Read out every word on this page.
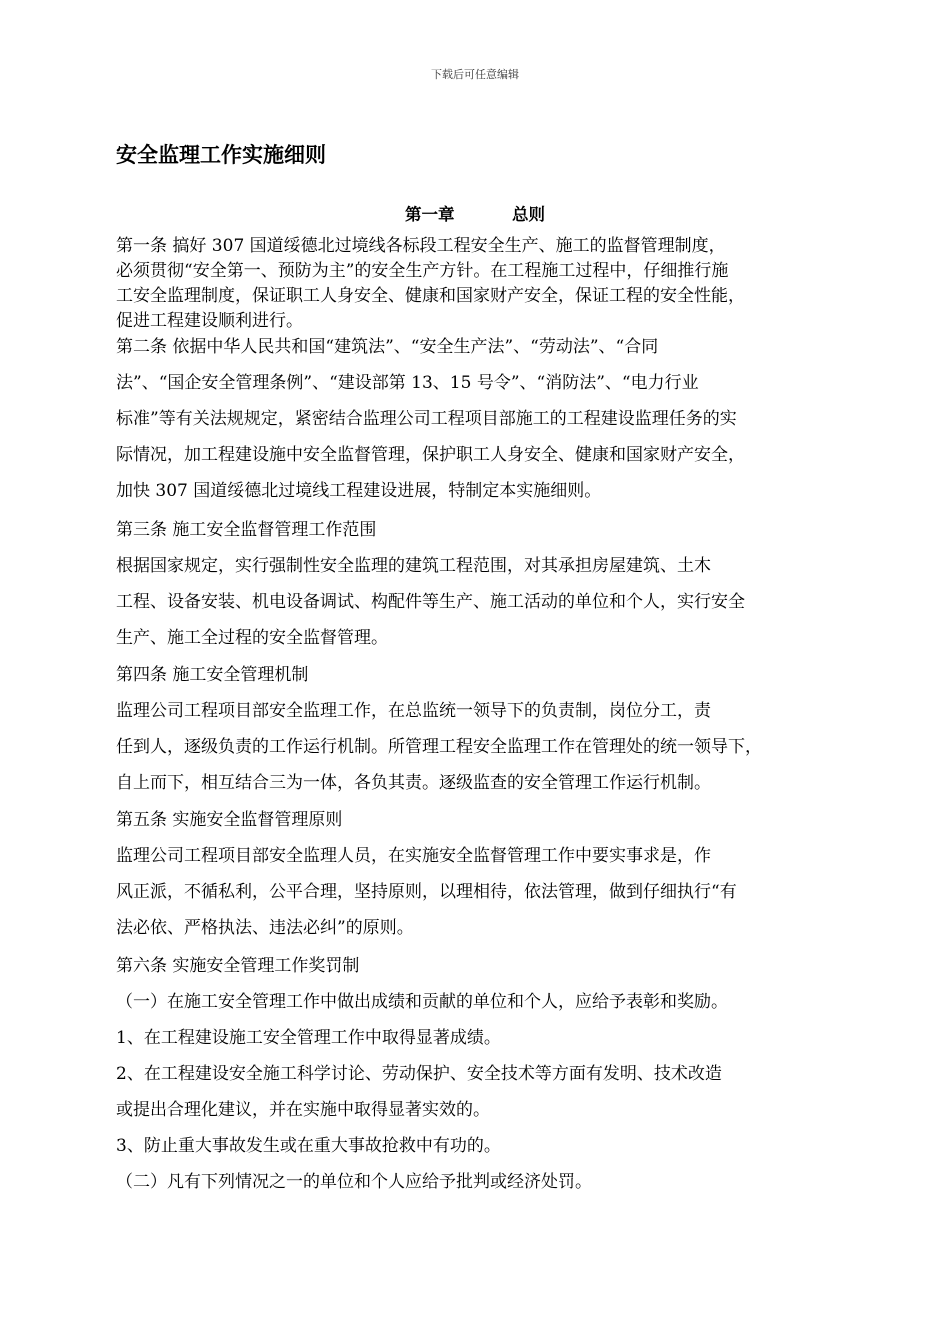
下载后可任意编辑
安全监理工作实施细则
第一章          总则
第一条 搞好 307 国道绥德北过境线各标段工程安全生产、施工的监督管理制度，
必须贯彻“安全第一、预防为主”的安全生产方针。在工程施工过程中，仔细推行施
工安全监理制度，保证职工人身安全、健康和国家财产安全，保证工程的安全性能，
促进工程建设顺利进行。
第二条 依据中华人民共和国“建筑法”、“安全生产法”、“劳动法”、“合同
法”、“国企安全管理条例”、“建设部第 13、15 号令”、“消防法”、“电力行业
标准”等有关法规规定，紧密结合监理公司工程项目部施工的工程建设监理任务的实
际情况，加工程建设施中安全监督管理，保护职工人身安全、健康和国家财产安全，
加快 307 国道绥德北过境线工程建设进展，特制定本实施细则。
第三条 施工安全监督管理工作范围
根据国家规定，实行强制性安全监理的建筑工程范围，对其承担房屋建筑、土木
工程、设备安装、机电设备调试、构配件等生产、施工活动的单位和个人，实行安全
生产、施工全过程的安全监督管理。
第四条 施工安全管理机制
监理公司工程项目部安全监理工作，在总监统一领导下的负责制，岗位分工，责
任到人，逐级负责的工作运行机制。所管理工程安全监理工作在管理处的统一领导下，
自上而下，相互结合三为一体，各负其责。逐级监查的安全管理工作运行机制。
第五条 实施安全监督管理原则
监理公司工程项目部安全监理人员，在实施安全监督管理工作中要实事求是，作
风正派，不循私利，公平合理，坚持原则，以理相待，依法管理，做到仔细执行“有
法必依、严格执法、违法必纠”的原则。
第六条 实施安全管理工作奖罚制
（一）在施工安全管理工作中做出成绩和贡献的单位和个人，应给予表彰和奖励。
1、在工程建设施工安全管理工作中取得显著成绩。
2、在工程建设安全施工科学讨论、劳动保护、安全技术等方面有发明、技术改造
或提出合理化建议，并在实施中取得显著实效的。
3、防止重大事故发生或在重大事故抢救中有功的。
（二）凡有下列情况之一的单位和个人应给予批判或经济处罚。
